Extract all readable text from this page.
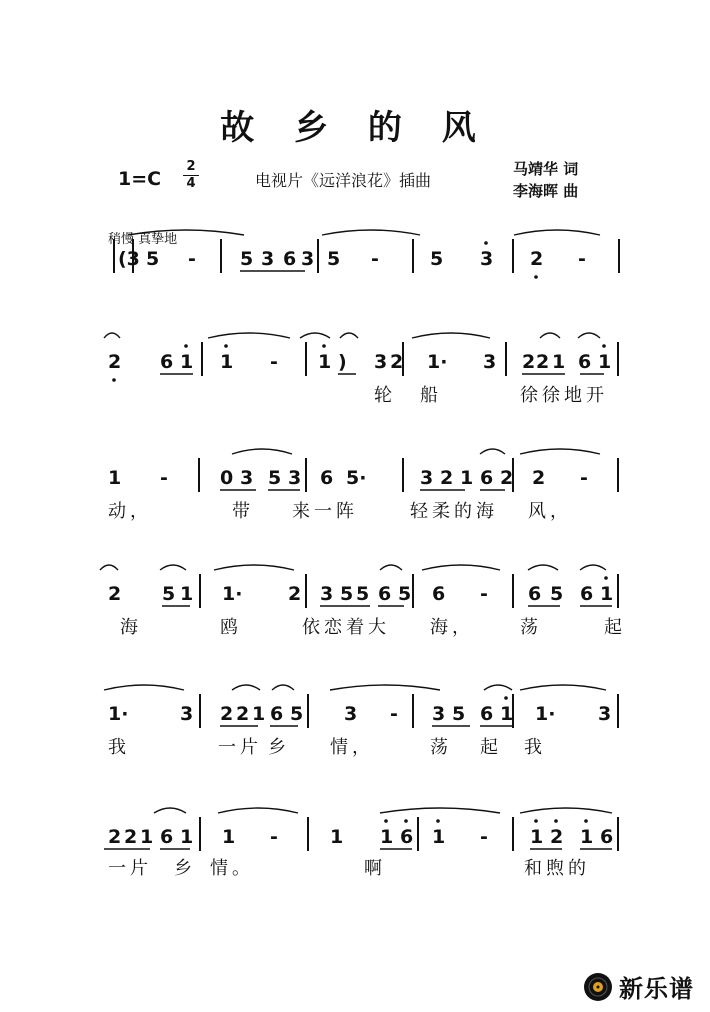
故 乡 的 风
1=C
2
4	电视片《远洋浪花》插曲
马靖华 词
李海晖 曲
稍慢 真挚地
(3 5 - 5 3 6 3 5 -	5 3 2 -
2 6 1 1 - 1 ) 3 2 1· 3 2 2 1 6 1
轮 船	徐徐地开
1 -	0 3 5 3 6 5·	3 2 1 6 2 2 -
动，	带 来一阵	轻柔的海 风，
2 5 1 1· 2 3 5 5 6 5 6 - 6 5 6 1
海	鸥	依恋着大 海，	荡	起
1·	3 2 2 1 6 5 3 - 3 5 6 1 1· 3
我	一片 乡 情，	荡 起 我
2 2 1 6 1 1 -	1 1 6 1 - 1 2 1 6
一片 乡 情。	啊	和煦的
新乐谱
